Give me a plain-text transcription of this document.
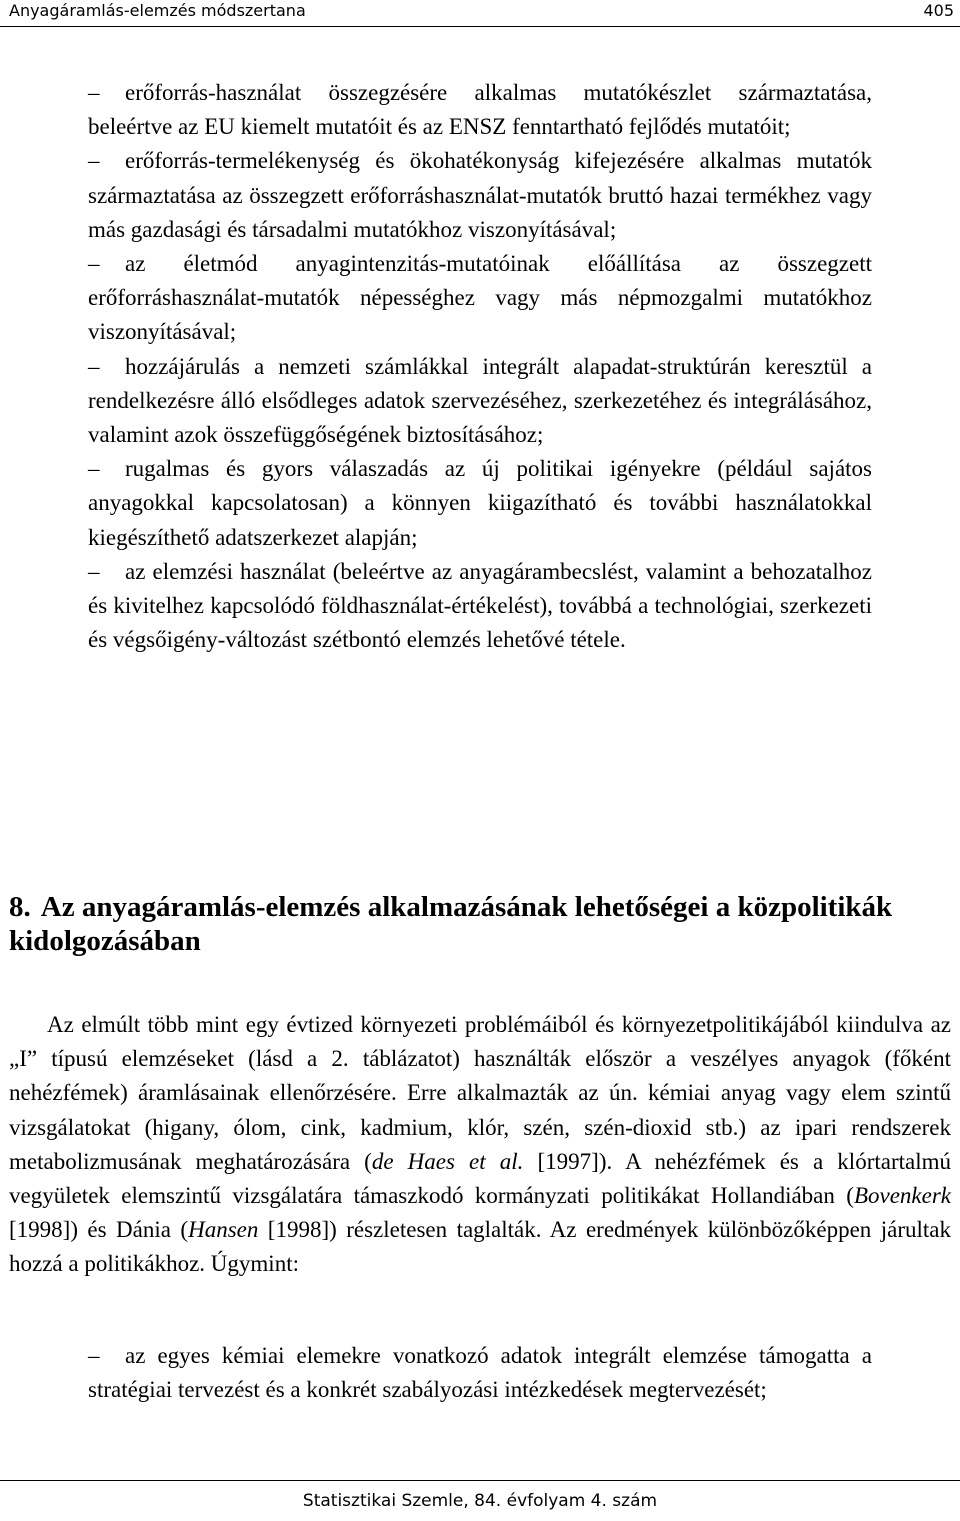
Anyagáramlás-elemzés módszertana	405

– erőforrás-használat összegzésére alkalmas mutatókészlet származtatása, beleértve az EU kiemelt mutatóit és az ENSZ fenntartható fejlődés mutatóit;

– erőforrás-termelékenység és ökohatékonyság kifejezésére alkalmas mutatók származtatása az összegzett erőforráshasználat-mutatók bruttó hazai termékhez vagy más gazdasági és társadalmi mutatókhoz viszonyításával;

– az életmód anyagintenzitás-mutatóinak előállítása az összegzett erőforráshasználat-mutatók népességhez vagy más népmozgalmi mutatókhoz viszonyításával;

– hozzájárulás a nemzeti számlákkal integrált alapadat-struktúrán keresztül a rendelkezésre álló elsődleges adatok szervezéséhez, szerkezetéhez és integrálásához, valamint azok összefüggőségének biztosításához;

– rugalmas és gyors válaszadás az új politikai igényekre (például sajátos anyagokkal kapcsolatosan) a könnyen kiigazítható és további használatokkal kiegészíthető adatszerkezet alapján;

– az elemzési használat (beleértve az anyagárambecslést, valamint a behozatalhoz és kivitelhez kapcsolódó földhasználat-értékelést), továbbá a technológiai, szerkezeti és végsőigény-változást szétbontó elemzés lehetővé tétele.

8. Az anyagáramlás-elemzés alkalmazásának lehetőségei a közpolitikák kidolgozásában

Az elmúlt több mint egy évtized környezeti problémáiból és környezetpolitikájából kiindulva az „I” típusú elemzéseket (lásd a 2. táblázatot) használták először a veszélyes anyagok (főként nehézfémek) áramlásainak ellenőrzésére. Erre alkalmazták az ún. kémiai anyag vagy elem szintű vizsgálatokat (higany, ólom, cink, kadmium, klór, szén, szén-dioxid stb.) az ipari rendszerek metabolizmusának meghatározására (de Haes et al. [1997]). A nehézfémek és a klórtartalmú vegyületek elemszintű vizsgálatára támaszkodó kormányzati politikákat Hollandiában (Bovenkerk [1998]) és Dánia (Hansen [1998]) részletesen taglalták. Az eredmények különbözőképpen járultak hozzá a politikákhoz. Úgymint:

– az egyes kémiai elemekre vonatkozó adatok integrált elemzése támogatta a stratégiai tervezést és a konkrét szabályozási intézkedések megtervezését;

Statisztikai Szemle, 84. évfolyam 4. szám
